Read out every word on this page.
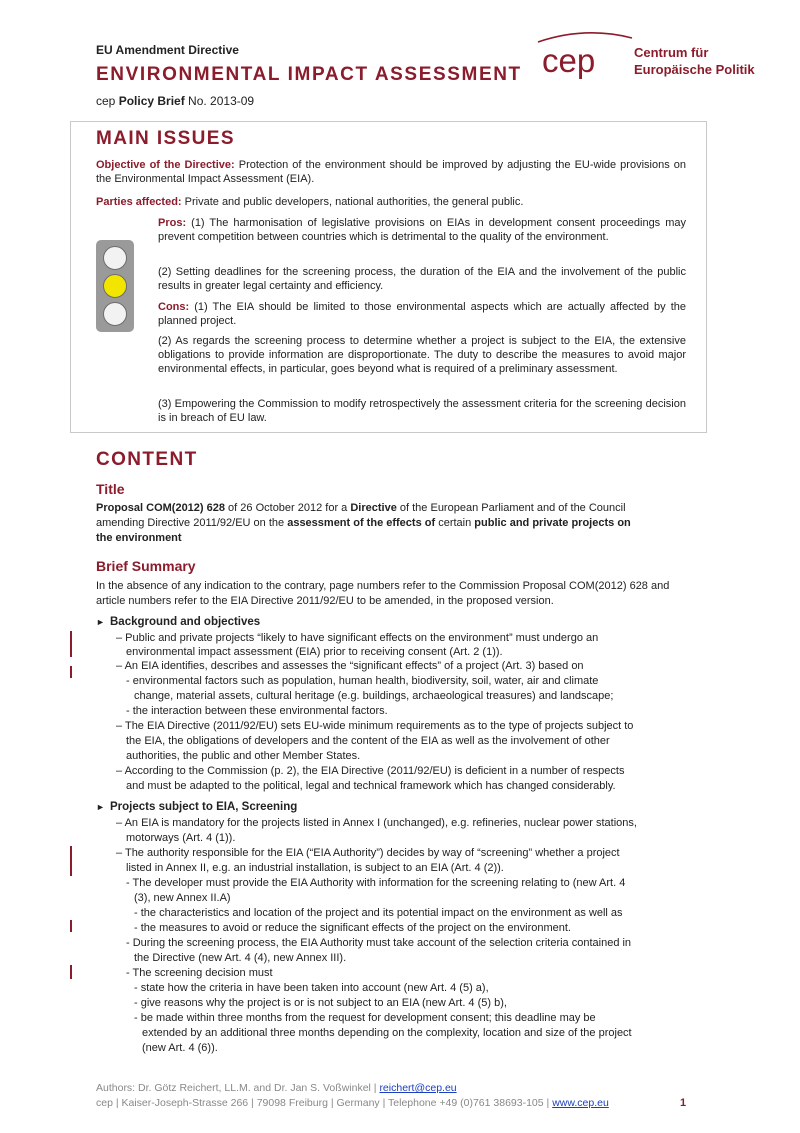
EU Amendment Directive
ENVIRONMENTAL IMPACT ASSESSMENT
cep Policy Brief No. 2013-09
cep	Centrum für
Europäische Politik
MAIN ISSUES
Objective of the Directive: Protection of the environment should be improved by adjusting the EU-wide provisions on the Environmental Impact Assessment (EIA).
Parties affected: Private and public developers, national authorities, the general public.
Pros: (1) The harmonisation of legislative provisions on EIAs in development consent proceedings may prevent competition between countries which is detrimental to the quality of the environment.
(2) Setting deadlines for the screening process, the duration of the EIA and the involvement of the public results in greater legal certainty and efficiency.
Cons: (1) The EIA should be limited to those environmental aspects which are actually affected by the planned project.
(2) As regards the screening process to determine whether a project is subject to the EIA, the extensive obligations to provide information are disproportionate. The duty to describe the measures to avoid major environmental effects, in particular, goes beyond what is required of a preliminary assessment.
(3) Empowering the Commission to modify retrospectively the assessment criteria for the screening decision is in breach of EU law.
CONTENT
Title
Proposal COM(2012) 628 of 26 October 2012 for a Directive of the European Parliament and of the Council
amending Directive 2011/92/EU on the assessment of the effects of certain public and private projects on
the environment
Brief Summary
In the absence of any indication to the contrary, page numbers refer to the Commission Proposal COM(2012) 628 and
article numbers refer to the EIA Directive 2011/92/EU to be amended, in the proposed version.
► Background and objectives
– Public and private projects “likely to have significant effects on the environment” must undergo an
environmental impact assessment (EIA) prior to receiving consent (Art. 2 (1)).
– An EIA identifies, describes and assesses the “significant effects” of a project (Art. 3) based on
- environmental factors such as population, human health, biodiversity, soil, water, air and climate
change, material assets, cultural heritage (e.g. buildings, archaeological treasures) and landscape;
- the interaction between these environmental factors.
– The EIA Directive (2011/92/EU) sets EU-wide minimum requirements as to the type of projects subject to
the EIA, the obligations of developers and the content of the EIA as well as the involvement of other
authorities, the public and other Member States.
– According to the Commission (p. 2), the EIA Directive (2011/92/EU) is deficient in a number of respects
and must be adapted to the political, legal and technical framework which has changed considerably.
► Projects subject to EIA, Screening
– An EIA is mandatory for the projects listed in Annex I (unchanged), e.g. refineries, nuclear power stations,
motorways (Art. 4 (1)).
– The authority responsible for the EIA (“EIA Authority”) decides by way of “screening” whether a project
listed in Annex II, e.g. an industrial installation, is subject to an EIA (Art. 4 (2)).
- The developer must provide the EIA Authority with information for the screening relating to (new Art. 4
(3), new Annex II.A)
- the characteristics and location of the project and its potential impact on the environment as well as
- the measures to avoid or reduce the significant effects of the project on the environment.
- During the screening process, the EIA Authority must take account of the selection criteria contained in
the Directive (new Art. 4 (4), new Annex III).
- The screening decision must
- state how the criteria in have been taken into account (new Art. 4 (5) a),
- give reasons why the project is or is not subject to an EIA (new Art. 4 (5) b),
- be made within three months from the request for development consent; this deadline may be
extended by an additional three months depending on the complexity, location and size of the project
(new Art. 4 (6)).
Authors: Dr. Götz Reichert, LL.M. and Dr. Jan S. Voßwinkel | reichert@cep.eu
cep | Kaiser-Joseph-Strasse 266 | 79098 Freiburg | Germany | Telephone +49 (0)761 38693-105 | www.cep.eu	1
